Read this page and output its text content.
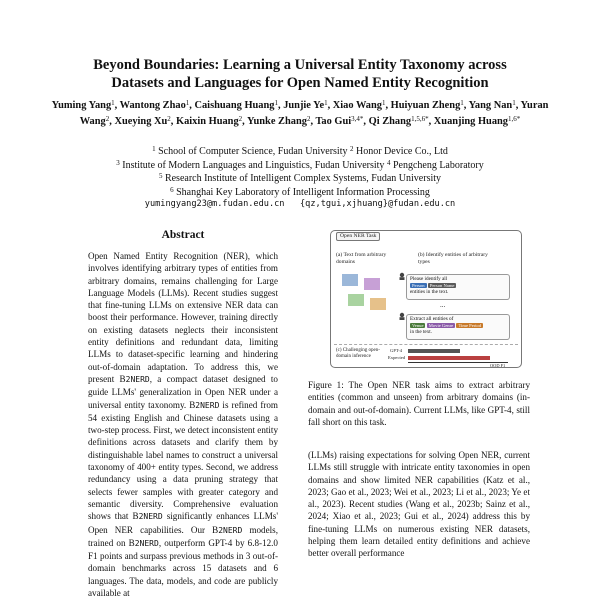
Beyond Boundaries: Learning a Universal Entity Taxonomy across
Datasets and Languages for Open Named Entity Recognition
Yuming Yang$^1$, Wantong Zhao$^1$, Caishuang Huang$^1$, Junjie Ye$^1$, Xiao Wang$^1$, Huiyuan Zheng$^1$, Yang Nan$^1$, Yuran Wang$^2$, Xueying Xu$^2$, Kaixin Huang$^2$, Yunke Zhang$^2$, Tao Gui$^{3,4*}$, Qi Zhang$^{1,5,6*}$, Xuanjing Huang$^{1,6*}$
$^1$ School of Computer Science, Fudan University $^2$ Honor Device Co., Ltd
$^3$ Institute of Modern Languages and Linguistics, Fudan University $^4$ Pengcheng Laboratory
$^5$ Research Institute of Intelligent Complex Systems, Fudan University
$^6$ Shanghai Key Laboratory of Intelligent Information Processing
yumingyang23@m.fudan.edu.cn   {qz,tgui,xjhuang}@fudan.edu.cn
Abstract
Open Named Entity Recognition (NER), which involves identifying arbitrary types of entities from arbitrary domains, remains challenging for Large Language Models (LLMs). Recent studies suggest that fine-tuning LLMs on extensive NER data can boost their performance. However, training directly on existing datasets neglects their inconsistent entity definitions and redundant data, limiting LLMs to dataset-specific learning and hindering out-of-domain adaptation. To address this, we present B2NERD, a compact dataset designed to guide LLMs' generalization in Open NER under a universal entity taxonomy. B2NERD is refined from 54 existing English and Chinese datasets using a two-step process. First, we detect inconsistent entity definitions across datasets and clarify them by distinguishable label names to construct a universal taxonomy of 400+ entity types. Second, we address redundancy using a data pruning strategy that selects fewer samples with greater category and semantic diversity. Comprehensive evaluation shows that B2NERD significantly enhances LLMs' Open NER capabilities. Our B2NERD models, trained on B2NERD, outperform GPT-4 by 6.8-12.0 F1 points and surpass previous methods in 3 out-of-domain benchmarks across 15 datasets and 6 languages. The data, models, and code are publicly available at
Open NER Task
(a) Text from arbitrary domains
(b) Identify entities of arbitrary types
Please identify all
Person Person Name
entities in the text.
...
Extract all entities of
Venue Movie Genre Time Period
in the text.
(c) Challenging open-domain inference
GPT-4
Expected
OOD F1
Figure 1: The Open NER task aims to extract arbitrary entities (common and unseen) from arbitrary domains (in-domain and out-of-domain). Current LLMs, like GPT-4, still fall short on this task.
(LLMs) raising expectations for solving Open NER, current LLMs still struggle with intricate entity taxonomies in open domains and show limited NER capabilities (Katz et al., 2023; Gao et al., 2023; Wei et al., 2023; Li et al., 2023; Ye et al., 2023). Recent studies (Wang et al., 2023b; Sainz et al., 2024; Xiao et al., 2023; Gui et al., 2024) address this by fine-tuning LLMs on numerous existing NER datasets, helping them learn detailed entity definitions and achieve better overall performance
